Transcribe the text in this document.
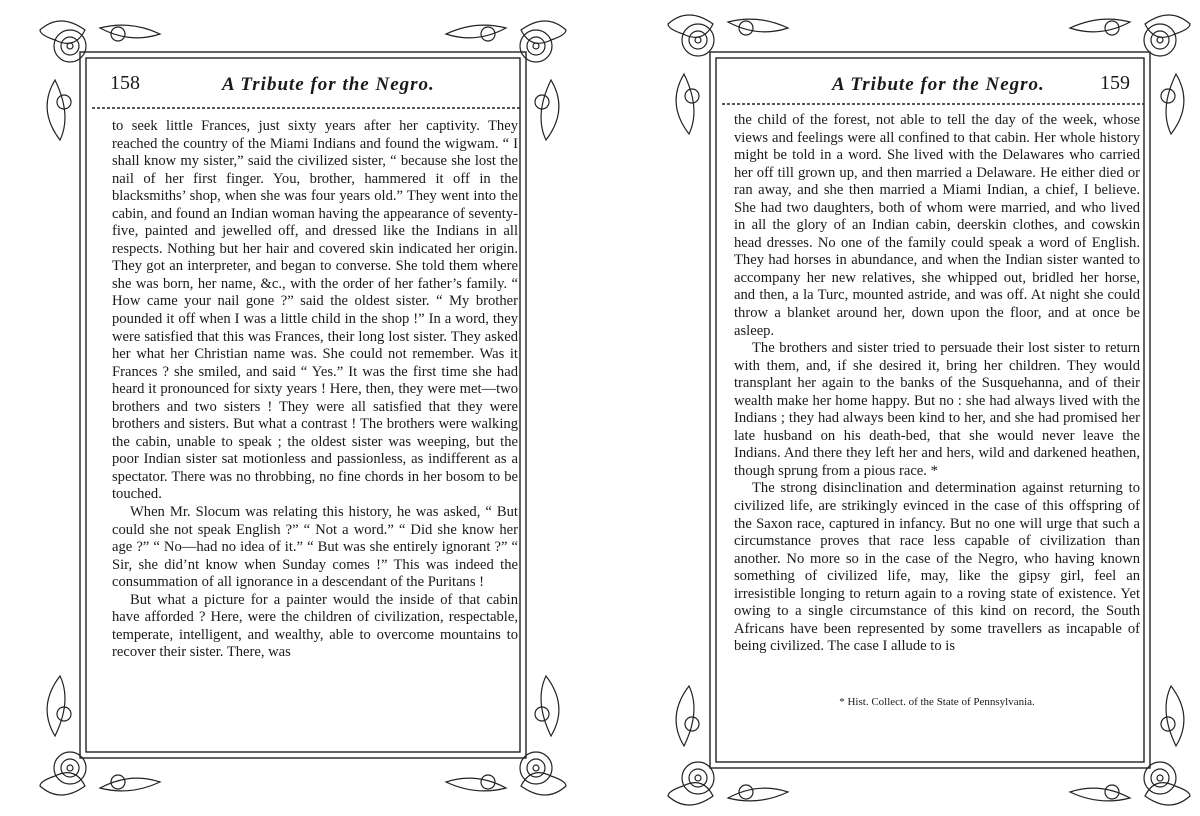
158	A Tribute for the Negro.

to seek little Frances, just sixty years after her captivity. They reached the country of the Miami Indians and found the wigwam. “ I shall know my sister,” said the civilized sister, “ because she lost the nail of her first finger. You, brother, hammered it off in the blacksmiths’ shop, when she was four years old.” They went into the cabin, and found an Indian woman having the appearance of seventy-five, painted and jewelled off, and dressed like the Indians in all respects. Nothing but her hair and covered skin indicated her origin. They got an interpreter, and began to converse. She told them where she was born, her name, &c., with the order of her father’s family. “ How came your nail gone ?” said the oldest sister. “ My brother pounded it off when I was a little child in the shop !” In a word, they were satisfied that this was Frances, their long lost sister. They asked her what her Christian name was. She could not remember. Was it Frances ? she smiled, and said “ Yes.” It was the first time she had heard it pronounced for sixty years ! Here, then, they were met—two brothers and two sisters ! They were all satisfied that they were brothers and sisters. But what a contrast ! The brothers were walking the cabin, unable to speak ; the oldest sister was weeping, but the poor Indian sister sat motionless and passionless, as indifferent as a spectator. There was no throbbing, no fine chords in her bosom to be touched.

When Mr. Slocum was relating this history, he was asked, “ But could she not speak English ?” “ Not a word.” “ Did she know her age ?” “ No—had no idea of it.” “ But was she entirely ignorant ?” “ Sir, she did’nt know when Sunday comes !” This was indeed the consummation of all ignorance in a descendant of the Puritans !

But what a picture for a painter would the inside of that cabin have afforded ? Here, were the children of civilization, respectable, temperate, intelligent, and wealthy, able to overcome mountains to recover their sister. There, was

A Tribute for the Negro.	159

the child of the forest, not able to tell the day of the week, whose views and feelings were all confined to that cabin. Her whole history might be told in a word. She lived with the Delawares who carried her off till grown up, and then married a Delaware. He either died or ran away, and she then married a Miami Indian, a chief, I believe. She had two daughters, both of whom were married, and who lived in all the glory of an Indian cabin, deerskin clothes, and cowskin head dresses. No one of the family could speak a word of English. They had horses in abundance, and when the Indian sister wanted to accompany her new relatives, she whipped out, bridled her horse, and then, a la Turc, mounted astride, and was off. At night she could throw a blanket around her, down upon the floor, and at once be asleep.

The brothers and sister tried to persuade their lost sister to return with them, and, if she desired it, bring her children. They would transplant her again to the banks of the Susquehanna, and of their wealth make her home happy. But no : she had always lived with the Indians ; they had always been kind to her, and she had promised her late husband on his death-bed, that she would never leave the Indians. And there they left her and hers, wild and darkened heathen, though sprung from a pious race. *

The strong disinclination and determination against returning to civilized life, are strikingly evinced in the case of this offspring of the Saxon race, captured in infancy. But no one will urge that such a circumstance proves that race less capable of civilization than another. No more so in the case of the Negro, who having known something of civilized life, may, like the gipsy girl, feel an irresistible longing to return again to a roving state of existence. Yet owing to a single circumstance of this kind on record, the South Africans have been represented by some travellers as incapable of being civilized. The case I allude to is

* Hist. Collect. of the State of Pennsylvania.
